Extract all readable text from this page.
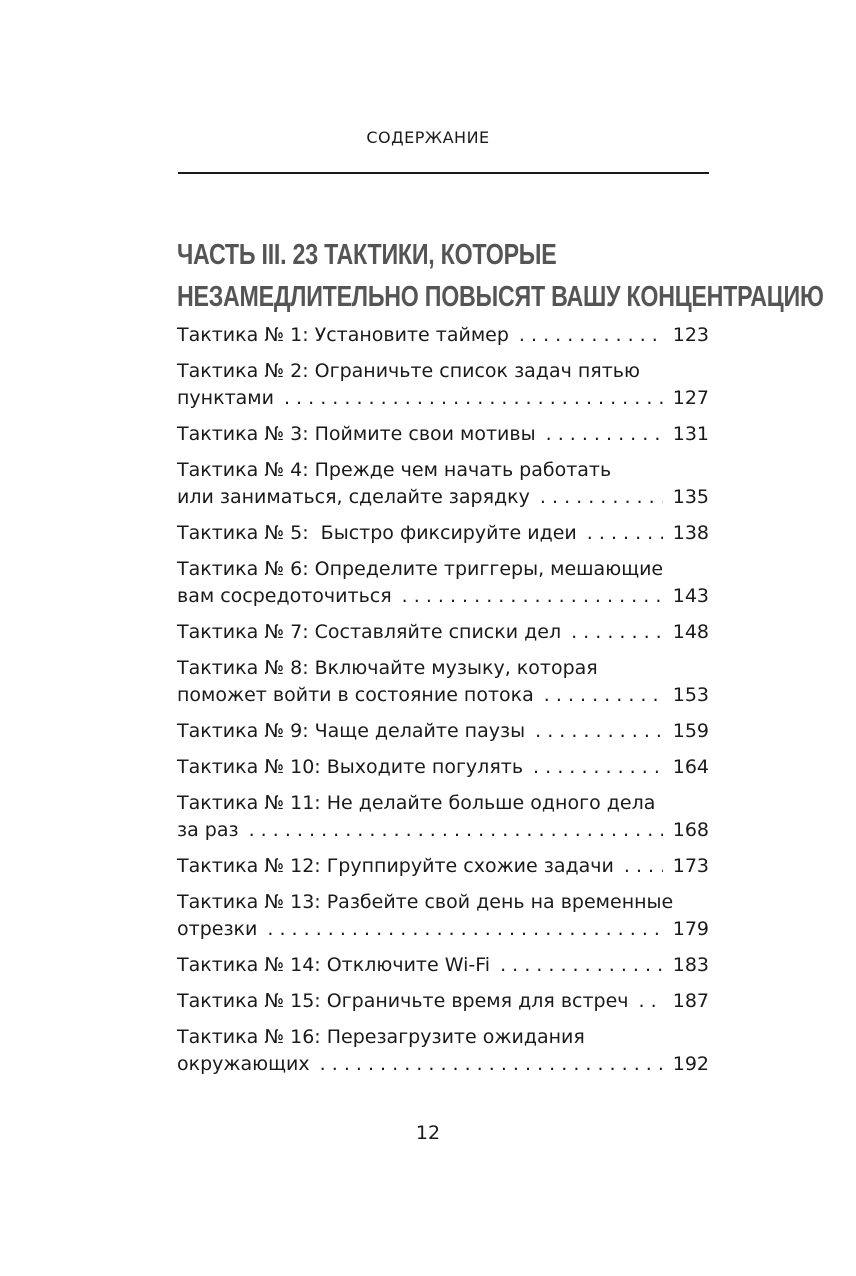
СОДЕРЖАНИЕ
ЧАСТЬ III. 23 ТАКТИКИ, КОТОРЫЕ
НЕЗАМЕДЛИТЕЛЬНО ПОВЫСЯТ ВАШУ КОНЦЕНТРАЦИЮ
Тактика № 1: Установите таймер . . .	123
Тактика № 2: Ограничьте список задач пятью
пунктами . . .	127
Тактика № 3: Поймите свои мотивы . . .	131
Тактика № 4: Прежде чем начать работать
или заниматься, сделайте зарядку . . .	135
Тактика № 5:  Быстро фиксируйте идеи . . .	138
Тактика № 6: Определите триггеры, мешающие
вам сосредоточиться . . .	143
Тактика № 7: Составляйте списки дел . . .	148
Тактика № 8: Включайте музыку, которая
поможет войти в состояние потока . . .	153
Тактика № 9: Чаще делайте паузы . . .	159
Тактика № 10: Выходите погулять . . .	164
Тактика № 11: Не делайте больше одного дела
за раз . . .	168
Тактика № 12: Группируйте схожие задачи . . .	173
Тактика № 13: Разбейте свой день на временные
отрезки . . .	179
Тактика № 14: Отключите Wi-Fi . . .	183
Тактика № 15: Ограничьте время для встреч . . . 187
Тактика № 16: Перезагрузите ожидания
окружающих . . .	192
12
